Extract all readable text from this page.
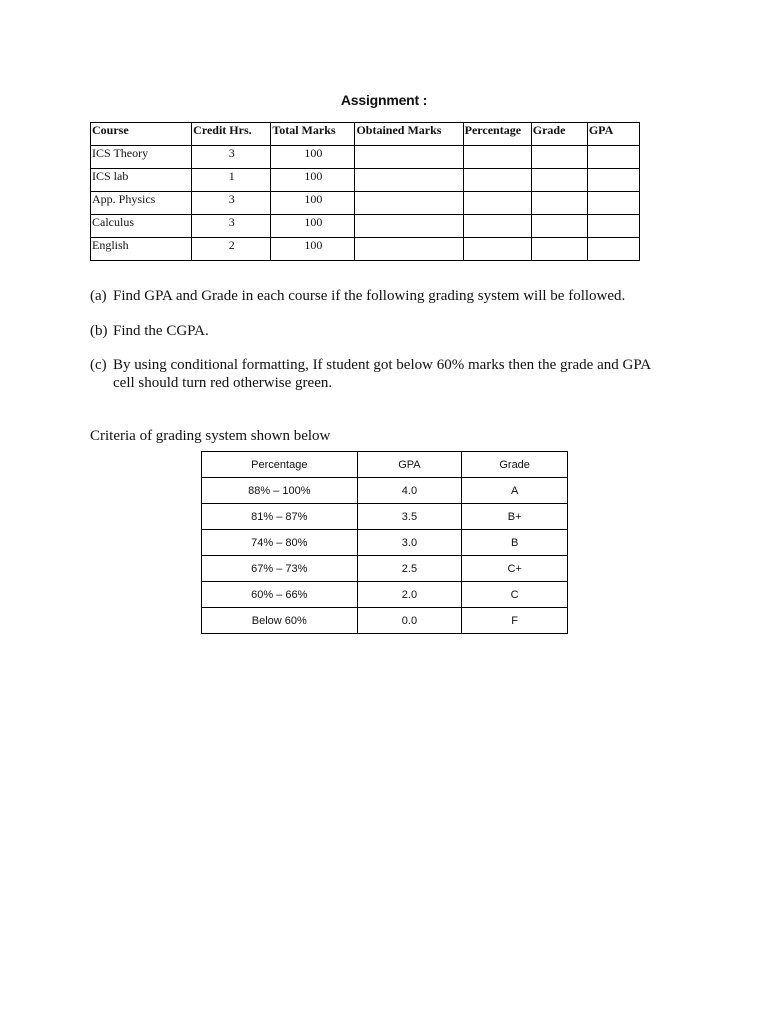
Assignment :
Course	Credit Hrs.	Total Marks	Obtained Marks	Percentage	Grade	GPA
ICS Theory	3	100				
ICS lab	1	100				
App. Physics	3	100				
Calculus	3	100				
English	2	100				
(a) Find GPA and Grade in each course if the following grading system will be followed.
(b) Find the CGPA.
(c) By using conditional formatting, If student got below 60% marks then the grade and GPA cell should turn red otherwise green.
Criteria of grading system shown below
Percentage	GPA	Grade
88% – 100%	4.0	A
81% – 87%	3.5	B+
74% – 80%	3.0	B
67% – 73%	2.5	C+
60% – 66%	2.0	C
Below 60%	0.0	F
